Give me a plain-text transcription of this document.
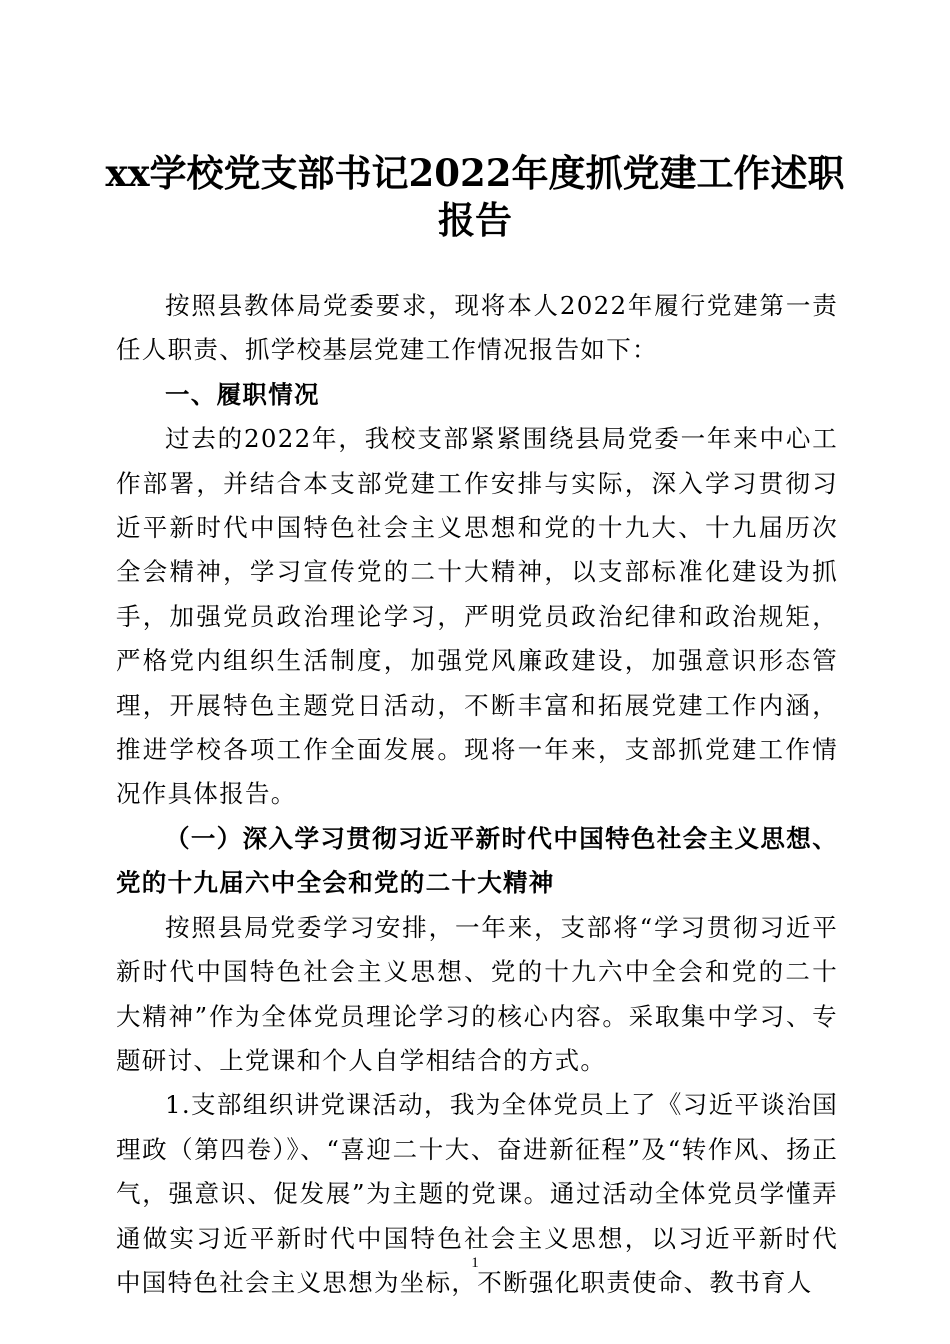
xx学校党支部书记2022年度抓党建工作述职报告

按照县教体局党委要求，现将本人2022年履行党建第一责任人职责、抓学校基层党建工作情况报告如下：

一、履职情况

过去的2022年，我校支部紧紧围绕县局党委一年来中心工作部署，并结合本支部党建工作安排与实际，深入学习贯彻习近平新时代中国特色社会主义思想和党的十九大、十九届历次全会精神，学习宣传党的二十大精神，以支部标准化建设为抓手，加强党员政治理论学习，严明党员政治纪律和政治规矩，严格党内组织生活制度，加强党风廉政建设，加强意识形态管理，开展特色主题党日活动，不断丰富和拓展党建工作内涵，推进学校各项工作全面发展。现将一年来，支部抓党建工作情况作具体报告。

（一）深入学习贯彻习近平新时代中国特色社会主义思想、党的十九届六中全会和党的二十大精神

按照县局党委学习安排，一年来，支部将“学习贯彻习近平新时代中国特色社会主义思想、党的十九六中全会和党的二十大精神”作为全体党员理论学习的核心内容。采取集中学习、专题研讨、上党课和个人自学相结合的方式。

1.支部组织讲党课活动，我为全体党员上了《习近平谈治国理政（第四卷）》、“喜迎二十大、奋进新征程”及“转作风、扬正气，强意识、促发展”为主题的党课。通过活动全体党员学懂弄通做实习近平新时代中国特色社会主义思想，以习近平新时代中国特色社会主义思想为坐标，不断强化职责使命、教书育人

1
